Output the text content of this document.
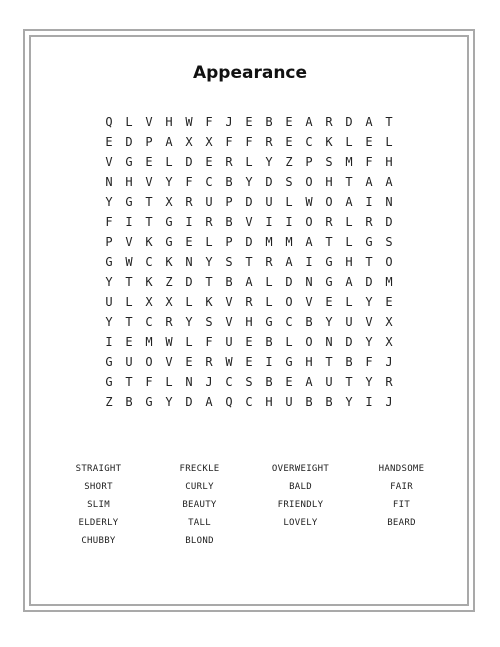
Appearance
Q	L	V	H	W	F	J	E	B	E	A	R	D	A	T
E	D	P	A	X	X	F	F	R	E	C	K	L	E	L
V	G	E	L	D	E	R	L	Y	Z	P	S	M	F	H
N	H	V	Y	F	C	B	Y	D	S	O	H	T	A	A
Y	G	T	X	R	U	P	D	U	L	W	O	A	I	N
F	I	T	G	I	R	B	V	I	I	O	R	L	R	D
P	V	K	G	E	L	P	D	M	M	A	T	L	G	S
G	W	C	K	N	Y	S	T	R	A	I	G	H	T	O
Y	T	K	Z	D	T	B	A	L	D	N	G	A	D	M
U	L	X	X	L	K	V	R	L	O	V	E	L	Y	E
Y	T	C	R	Y	S	V	H	G	C	B	Y	U	V	X
I	E	M	W	L	F	U	E	B	L	O	N	D	Y	X
G	U	O	V	E	R	W	E	I	G	H	T	B	F	J
G	T	F	L	N	J	C	S	B	E	A	U	T	Y	R
Z	B	G	Y	D	A	Q	C	H	U	B	B	Y	I	J
STRAIGHT	FRECKLE	OVERWEIGHT	HANDSOME
SHORT	CURLY	BALD	FAIR
SLIM	BEAUTY	FRIENDLY	FIT
ELDERLY	TALL	LOVELY	BEARD
CHUBBY	BLOND
